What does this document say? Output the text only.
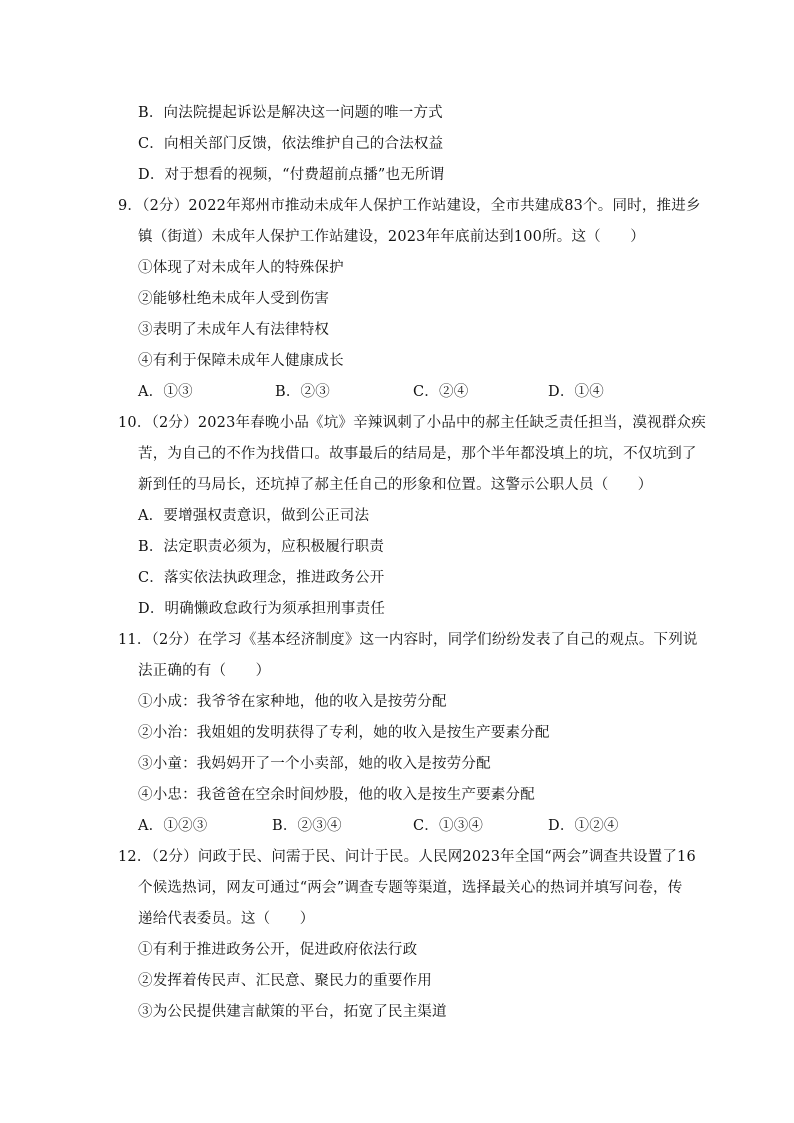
B．向法院提起诉讼是解决这一问题的唯一方式
C．向相关部门反馈，依法维护自己的合法权益
D．对于想看的视频，“付费超前点播”也无所谓
9．（2分）2022年郑州市推动未成年人保护工作站建设，全市共建成83个。同时，推进乡
镇（街道）未成年人保护工作站建设，2023年年底前达到100所。这（　　）
①体现了对未成年人的特殊保护
②能够杜绝未成年人受到伤害
③表明了未成年人有法律特权
④有利于保障未成年人健康成长
A．①③	B．②③	C．②④	D．①④
10．（2分）2023年春晚小品《坑》辛辣讽刺了小品中的郝主任缺乏责任担当，漠视群众疾
苦，为自己的不作为找借口。故事最后的结局是，那个半年都没填上的坑，不仅坑到了
新到任的马局长，还坑掉了郝主任自己的形象和位置。这警示公职人员（　　）
A．要增强权责意识，做到公正司法
B．法定职责必须为，应积极履行职责
C．落实依法执政理念，推进政务公开
D．明确懒政怠政行为须承担刑事责任
11．（2分）在学习《基本经济制度》这一内容时，同学们纷纷发表了自己的观点。下列说
法正确的有（　　）
①小成：我爷爷在家种地，他的收入是按劳分配
②小治：我姐姐的发明获得了专利，她的收入是按生产要素分配
③小童：我妈妈开了一个小卖部，她的收入是按劳分配
④小忠：我爸爸在空余时间炒股，他的收入是按生产要素分配
A．①②③	B．②③④	C．①③④	D．①②④
12．（2分）问政于民、问需于民、问计于民。人民网2023年全国“两会”调查共设置了16
个候选热词，网友可通过“两会”调查专题等渠道，选择最关心的热词并填写问卷，传
递给代表委员。这（　　）
①有利于推进政务公开，促进政府依法行政
②发挥着传民声、汇民意、聚民力的重要作用
③为公民提供建言献策的平台，拓宽了民主渠道
